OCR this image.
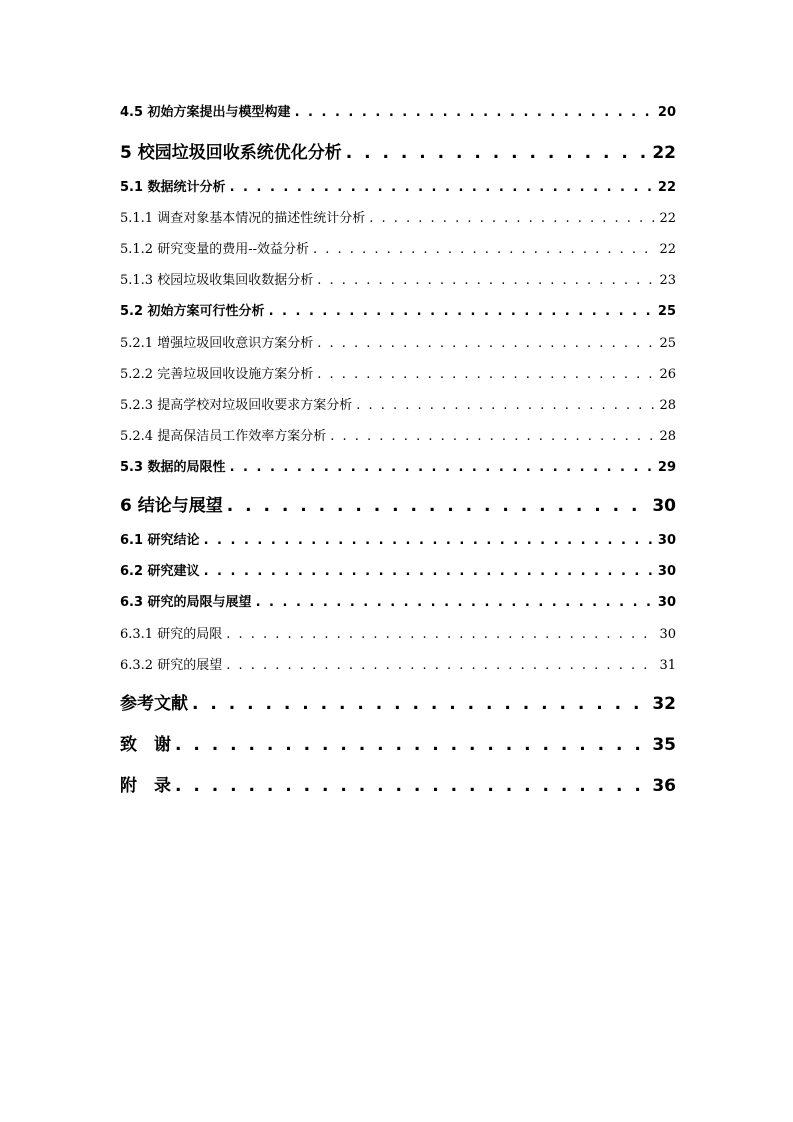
4.5 初始方案提出与模型构建 . . .	20
5 校园垃圾回收系统优化分析 . . .	22
5.1 数据统计分析 . . .	22
5.1.1 调查对象基本情况的描述性统计分析 . . .	22
5.1.2 研究变量的费用--效益分析 . . .	22
5.1.3 校园垃圾收集回收数据分析 . . .	23
5.2 初始方案可行性分析 . . .	25
5.2.1 增强垃圾回收意识方案分析 . . .	25
5.2.2 完善垃圾回收设施方案分析 . . .	26
5.2.3 提高学校对垃圾回收要求方案分析 . . .	28
5.2.4 提高保洁员工作效率方案分析 . . .	28
5.3 数据的局限性 . . .	29
6 结论与展望 . . .	30
6.1 研究结论 . . .	30
6.2 研究建议 . . .	30
6.3 研究的局限与展望 . . .	30
6.3.1 研究的局限 . . .	30
6.3.2 研究的展望 . . .	31
参考文献 . . .	32
致　谢 . . .	35
附　录 . . .	36
